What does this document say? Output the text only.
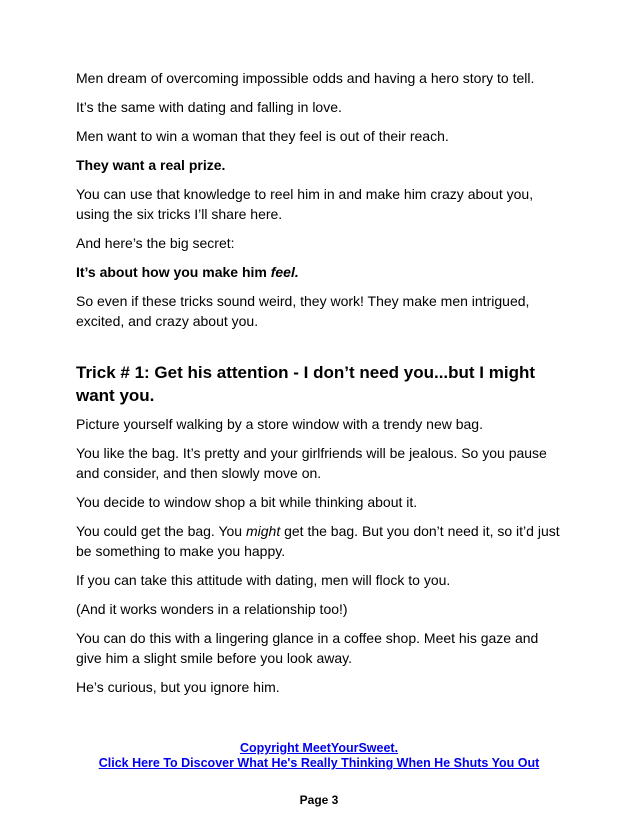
Men dream of overcoming impossible odds and having a hero story to tell.

It’s the same with dating and falling in love.

Men want to win a woman that they feel is out of their reach.

They want a real prize.

You can use that knowledge to reel him in and make him crazy about you, using the six tricks I’ll share here.

And here’s the big secret:

It’s about how you make him feel.

So even if these tricks sound weird, they work! They make men intrigued, excited, and crazy about you.

Trick # 1: Get his attention - I don’t need you...but I might want you.

Picture yourself walking by a store window with a trendy new bag.

You like the bag. It’s pretty and your girlfriends will be jealous. So you pause and consider, and then slowly move on.

You decide to window shop a bit while thinking about it.

You could get the bag. You might get the bag. But you don’t need it, so it’d just be something to make you happy.

If you can take this attitude with dating, men will flock to you.

(And it works wonders in a relationship too!)

You can do this with a lingering glance in a coffee shop. Meet his gaze and give him a slight smile before you look away.

He’s curious, but you ignore him.

Copyright MeetYourSweet.
Click Here To Discover What He's Really Thinking When He Shuts You Out
Page 3
